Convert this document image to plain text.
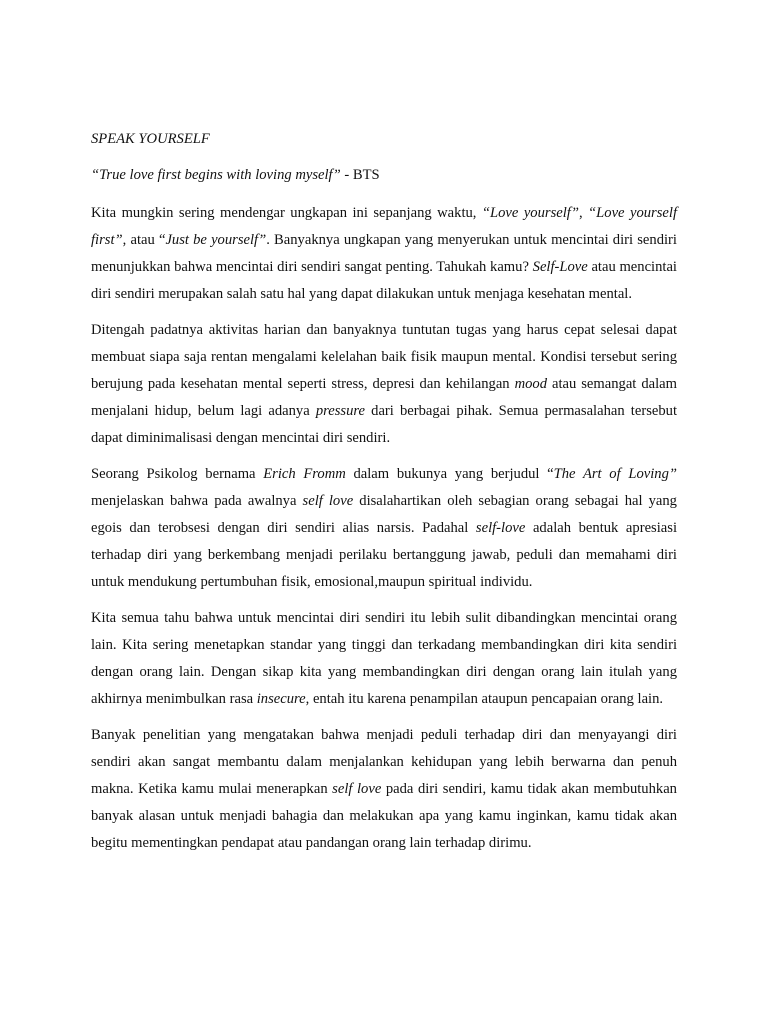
SPEAK YOURSELF

“True love first begins with loving myself” - BTS

Kita mungkin sering mendengar ungkapan ini sepanjang waktu, “Love yourself”, “Love yourself first”, atau “Just be yourself”. Banyaknya ungkapan yang menyerukan untuk mencintai diri sendiri menunjukkan bahwa mencintai diri sendiri sangat penting. Tahukah kamu? Self-Love atau mencintai diri sendiri merupakan salah satu hal yang dapat dilakukan untuk menjaga kesehatan mental.

Ditengah padatnya aktivitas harian dan banyaknya tuntutan tugas yang harus cepat selesai dapat membuat siapa saja rentan mengalami kelelahan baik fisik maupun mental. Kondisi tersebut sering berujung pada kesehatan mental seperti stress, depresi dan kehilangan mood atau semangat dalam menjalani hidup, belum lagi adanya pressure dari berbagai pihak. Semua permasalahan tersebut dapat diminimalisasi dengan mencintai diri sendiri.

Seorang Psikolog bernama Erich Fromm dalam bukunya yang berjudul “The Art of Loving” menjelaskan bahwa pada awalnya self love disalahartikan oleh sebagian orang sebagai hal yang egois dan terobsesi dengan diri sendiri alias narsis. Padahal self-love adalah bentuk apresiasi terhadap diri yang berkembang menjadi perilaku bertanggung jawab, peduli dan memahami diri untuk mendukung pertumbuhan fisik, emosional,maupun spiritual individu.

Kita semua tahu bahwa untuk mencintai diri sendiri itu lebih sulit dibandingkan mencintai orang lain. Kita sering menetapkan standar yang tinggi dan terkadang membandingkan diri kita sendiri dengan orang lain. Dengan sikap kita yang membandingkan diri dengan orang lain itulah yang akhirnya menimbulkan rasa insecure, entah itu karena penampilan ataupun pencapaian orang lain.

Banyak penelitian yang mengatakan bahwa menjadi peduli terhadap diri dan menyayangi diri sendiri akan sangat membantu dalam menjalankan kehidupan yang lebih berwarna dan penuh makna. Ketika kamu mulai menerapkan self love pada diri sendiri, kamu tidak akan membutuhkan banyak alasan untuk menjadi bahagia dan melakukan apa yang kamu inginkan, kamu tidak akan begitu mementingkan pendapat atau pandangan orang lain terhadap dirimu.
